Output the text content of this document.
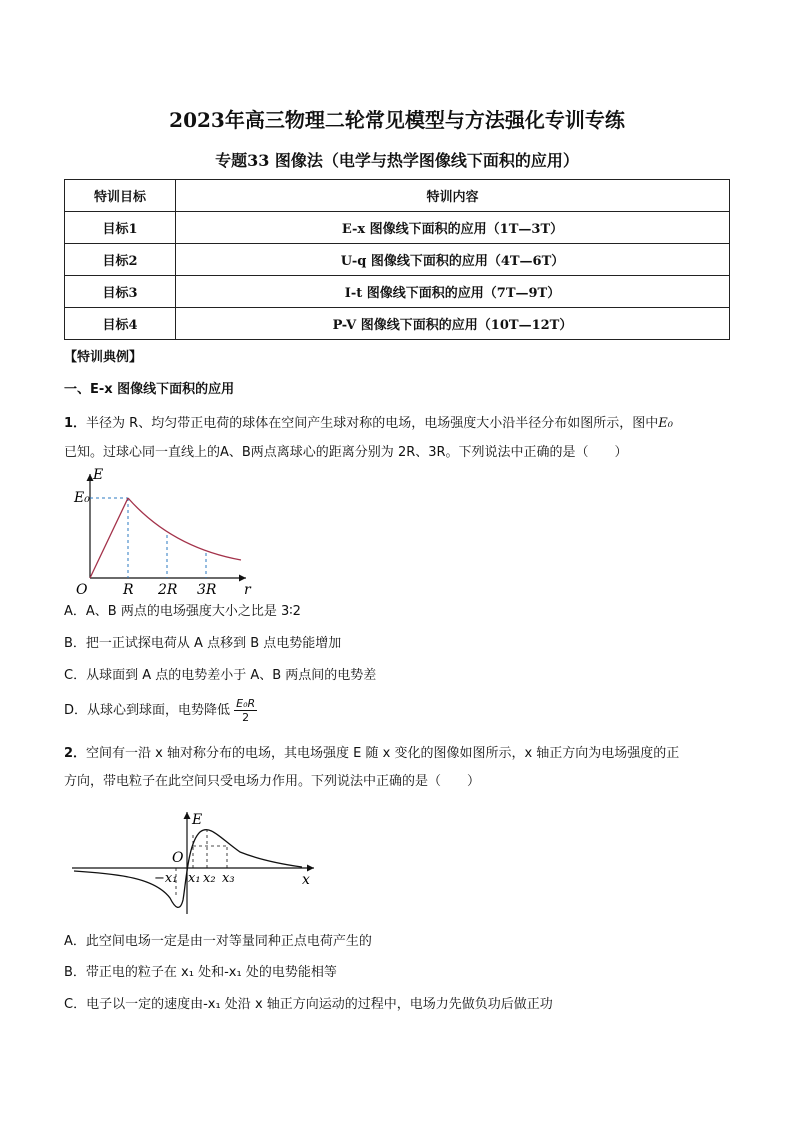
2023年高三物理二轮常见模型与方法强化专训专练
专题33 图像法（电学与热学图像线下面积的应用）
特训目标	特训内容
目标1	E-x 图像线下面积的应用（1T—3T）
目标2	U-q 图像线下面积的应用（4T—6T）
目标3	I-t 图像线下面积的应用（7T—9T）
目标4	P-V 图像线下面积的应用（10T—12T）
【特训典例】
一、E-x 图像线下面积的应用
1．半径为 R、均匀带正电荷的球体在空间产生球对称的电场，电场强度大小沿半径分布如图所示，图中E₀
已知。过球心同一直线上的A、B两点离球心的距离分别为 2R、3R。下列说法中正确的是（　　）
E
r
E₀
O	R 2R 3R
A．A、B 两点的电场强度大小之比是 3∶2
B．把一正试探电荷从 A 点移到 B 点电势能增加
C．从球面到 A 点的电势差小于 A、B 两点间的电势差
D．从球心到球面，电势降低 $\frac{\text{E₀R}}{2}$
2．空间有一沿 x 轴对称分布的电场，其电场强度 E 随 x 变化的图像如图所示，x 轴正方向为电场强度的正
方向，带电粒子在此空间只受电场力作用。下列说法中正确的是（　　）
E
x
O
−x₁ x₁ x₂ x₃
A．此空间电场一定是由一对等量同种正点电荷产生的
B．带正电的粒子在 x₁ 处和-x₁ 处的电势能相等
C．电子以一定的速度由-x₁ 处沿 x 轴正方向运动的过程中，电场力先做负功后做正功
